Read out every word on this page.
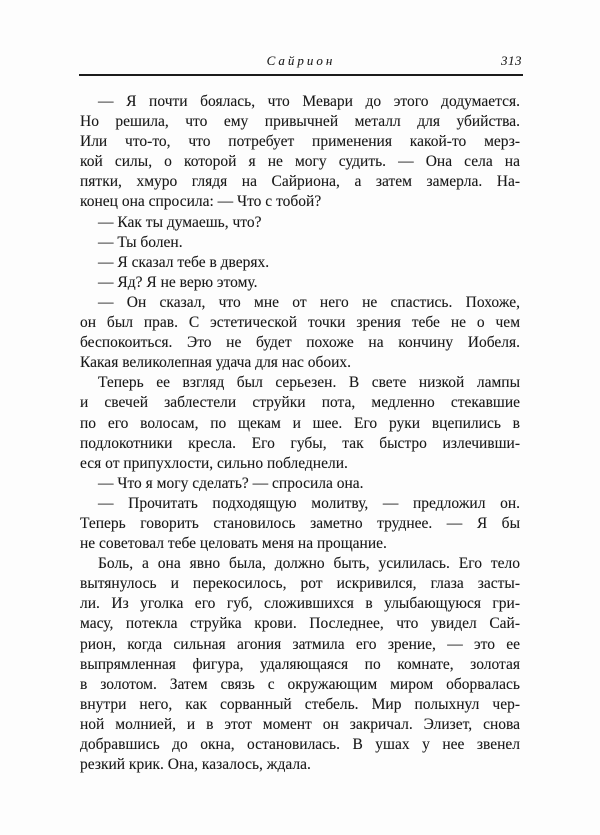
Сайрион	313
— Я почти боялась, что Мевари до этого додумается.
Но решила, что ему привычней металл для убийства.
Или что-то, что потребует применения какой-то мерз-
кой силы, о которой я не могу судить. — Она села на
пятки, хмуро глядя на Сайриона, а затем замерла. На-
конец она спросила: — Что с тобой?
— Как ты думаешь, что?
— Ты болен.
— Я сказал тебе в дверях.
— Яд? Я не верю этому.
— Он сказал, что мне от него не спастись. Похоже,
он был прав. С эстетической точки зрения тебе не о чем
беспокоиться. Это не будет похоже на кончину Иобеля.
Какая великолепная удача для нас обоих.
Теперь ее взгляд был серьезен. В свете низкой лампы
и свечей заблестели струйки пота, медленно стекавшие
по его волосам, по щекам и шее. Его руки вцепились в
подлокотники кресла. Его губы, так быстро излечивши-
еся от припухлости, сильно побледнели.
— Что я могу сделать? — спросила она.
— Прочитать подходящую молитву, — предложил он.
Теперь говорить становилось заметно труднее. — Я бы
не советовал тебе целовать меня на прощание.
Боль, а она явно была, должно быть, усилилась. Его тело
вытянулось и перекосилось, рот искривился, глаза засты-
ли. Из уголка его губ, сложившихся в улыбающуюся гри-
масу, потекла струйка крови. Последнее, что увидел Сай-
рион, когда сильная агония затмила его зрение, — это ее
выпрямленная фигура, удаляющаяся по комнате, золотая
в золотом. Затем связь с окружающим миром оборвалась
внутри него, как сорванный стебель. Мир полыхнул чер-
ной молнией, и в этот момент он закричал. Элизет, снова
добравшись до окна, остановилась. В ушах у нее звенел
резкий крик. Она, казалось, ждала.
